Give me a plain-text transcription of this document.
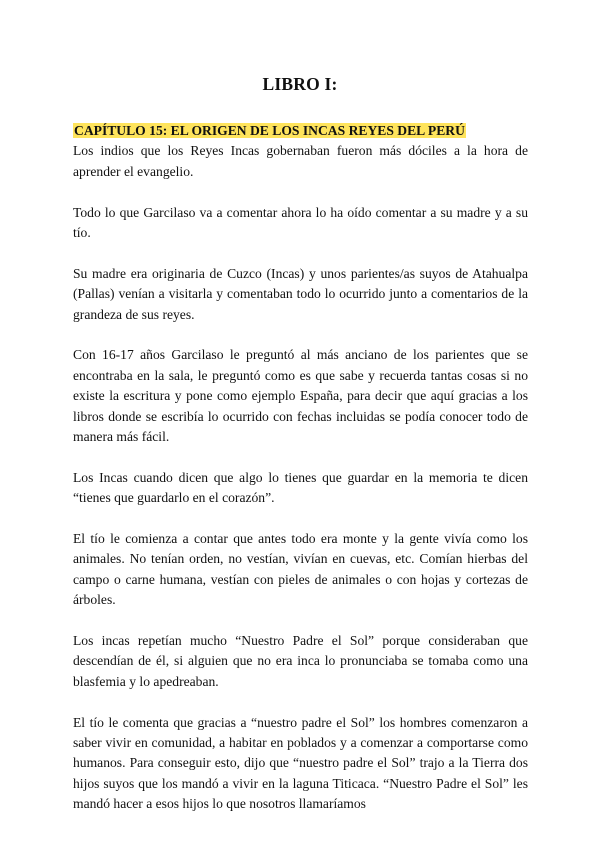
LIBRO I:
CAPÍTULO 15: EL ORIGEN DE LOS INCAS REYES DEL PERÚ

Los indios que los Reyes Incas gobernaban fueron más dóciles a la hora de aprender el evangelio.

Todo lo que Garcilaso va a comentar ahora lo ha oído comentar a su madre y a su tío.

Su madre era originaria de Cuzco (Incas) y unos parientes/as suyos de Atahualpa (Pallas) venían a visitarla y comentaban todo lo ocurrido junto a comentarios de la grandeza de sus reyes.

Con 16-17 años Garcilaso le preguntó al más anciano de los parientes que se encontraba en la sala, le preguntó como es que sabe y recuerda tantas cosas si no existe la escritura y pone como ejemplo España, para decir que aquí gracias a los libros donde se escribía lo ocurrido con fechas incluidas se podía conocer todo de manera más fácil.

Los Incas cuando dicen que algo lo tienes que guardar en la memoria te dicen “tienes que guardarlo en el corazón”.

El tío le comienza a contar que antes todo era monte y la gente vivía como los animales. No tenían orden, no vestían, vivían en cuevas, etc. Comían hierbas del campo o carne humana, vestían con pieles de animales o con hojas y cortezas de árboles.

Los incas repetían mucho “Nuestro Padre el Sol” porque consideraban que descendían de él, si alguien que no era inca lo pronunciaba se tomaba como una blasfemia y lo apedreaban.

El tío le comenta que gracias a “nuestro padre el Sol” los hombres comenzaron a saber vivir en comunidad, a habitar en poblados y a comenzar a comportarse como humanos. Para conseguir esto, dijo que “nuestro padre el Sol” trajo a la Tierra dos hijos suyos que los mandó a vivir en la laguna Titicaca. “Nuestro Padre el Sol” les mandó hacer a esos hijos lo que nosotros llamaríamos
